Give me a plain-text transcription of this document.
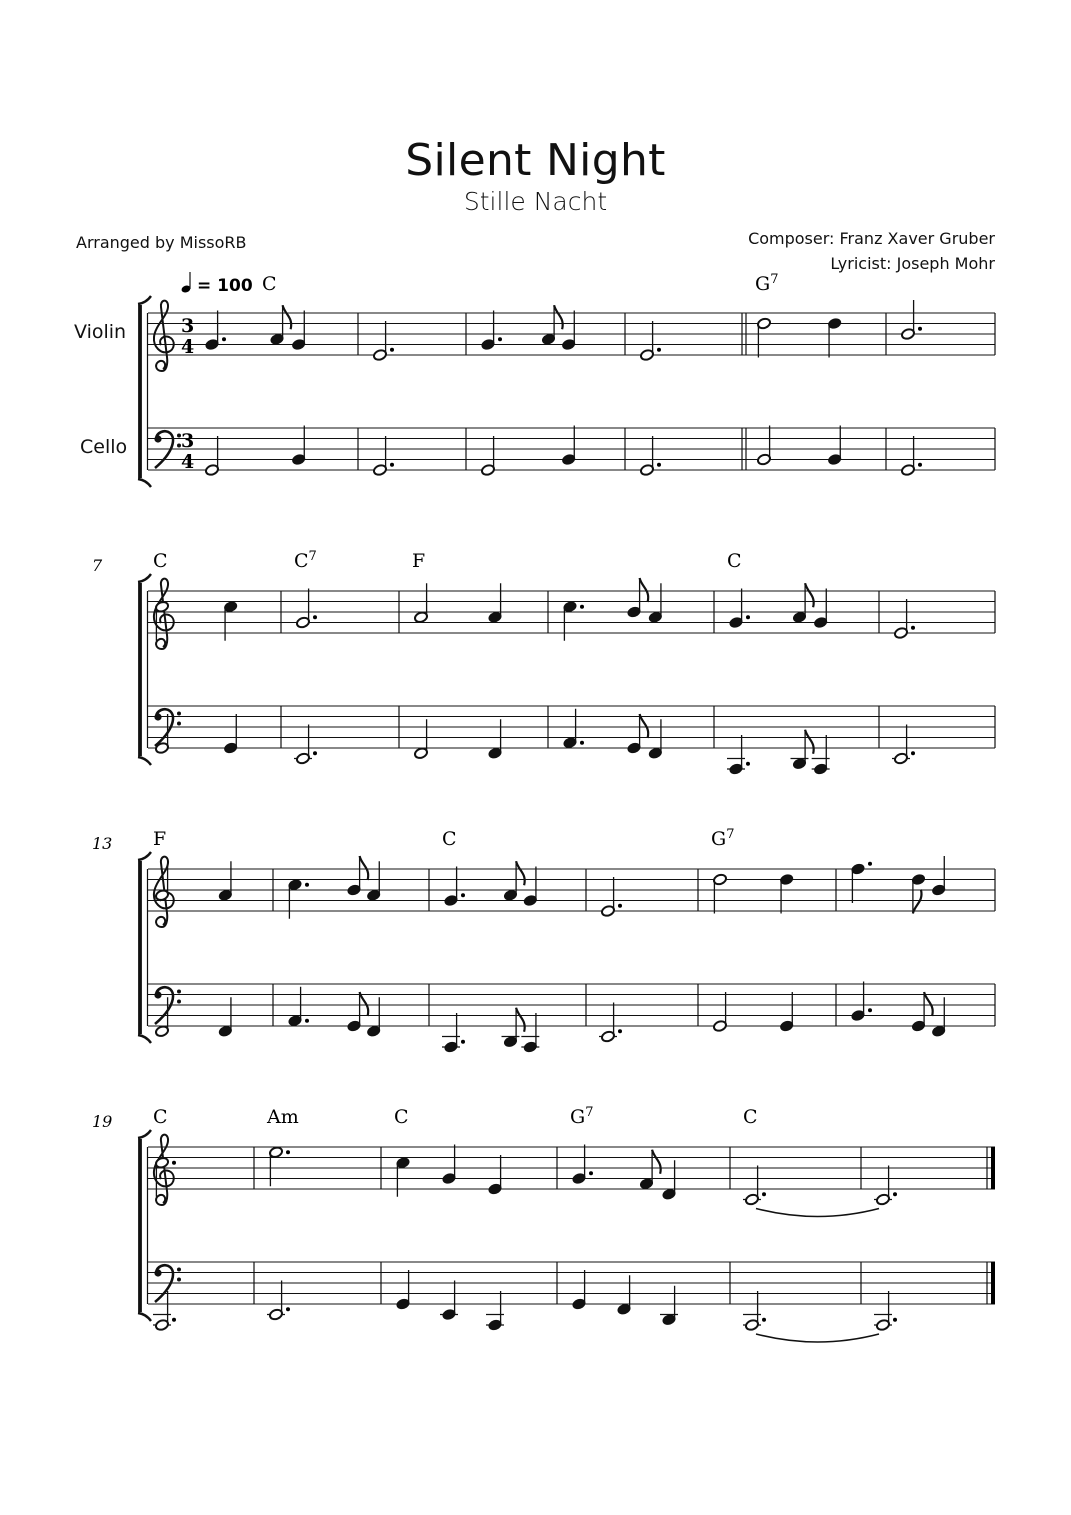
Silent Night
Stille Nacht
Arranged by MissoRB	Composer: Franz Xaver Gruber
Lyricist: Joseph Mohr
Violin
Cello
3
4
3
4
= 100 C	$G^7$
7	C	$C^7$	F	C
13 F	C	$G^7$
19 C	Am	C	$G^7$	C
